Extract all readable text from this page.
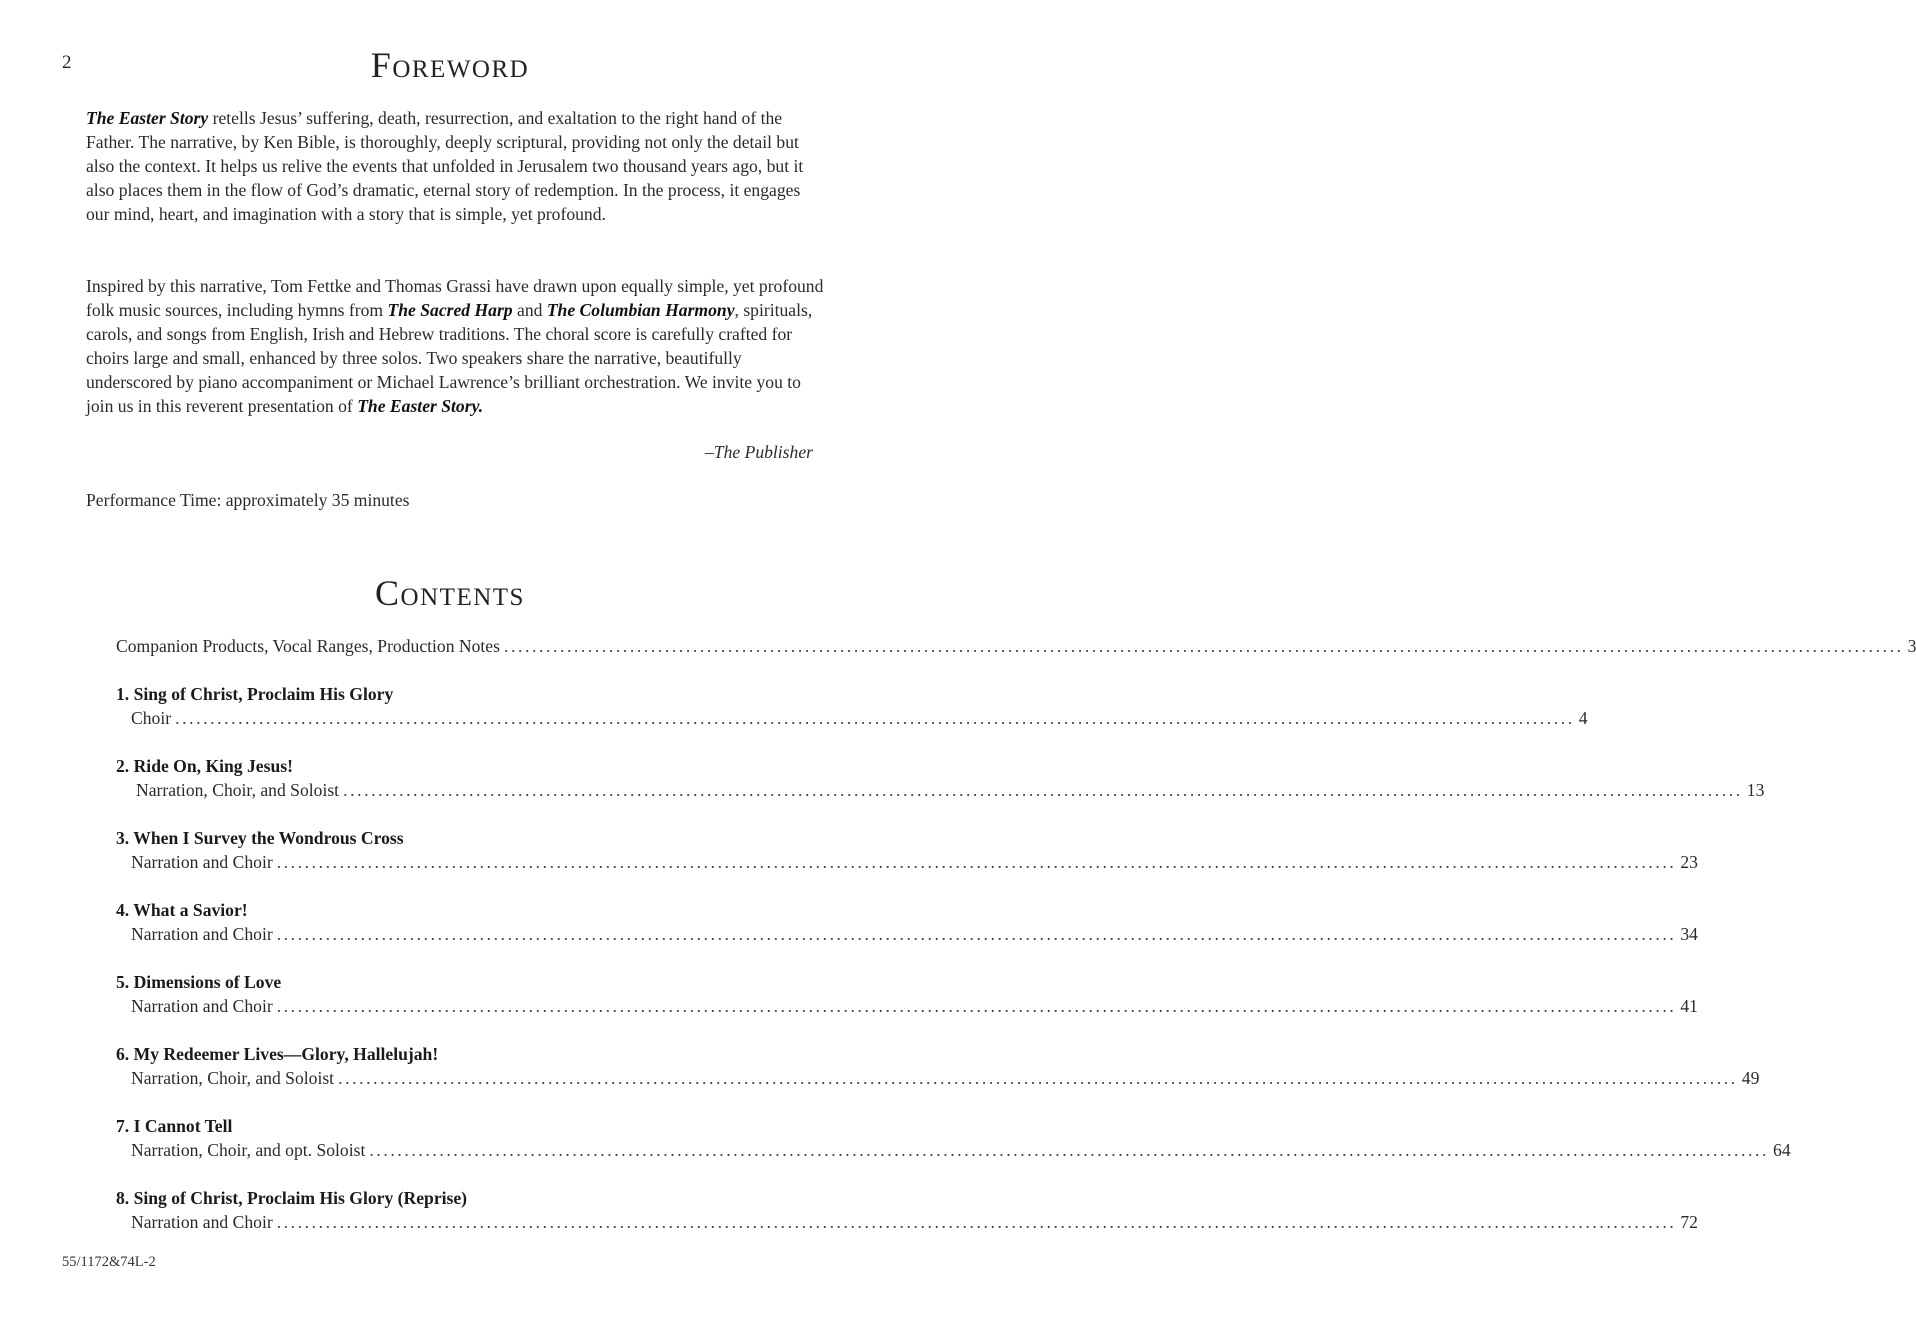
2	Foreword
The Easter Story retells Jesus’ suffering, death, resurrection, and exaltation to the right hand of the Father. The narrative, by Ken Bible, is thoroughly, deeply scriptural, providing not only the detail but also the context. It helps us relive the events that unfolded in Jerusalem two thousand years ago, but it also places them in the flow of God’s dramatic, eternal story of redemption. In the process, it engages our mind, heart, and imagination with a story that is simple, yet profound.
Inspired by this narrative, Tom Fettke and Thomas Grassi have drawn upon equally simple, yet profound folk music sources, including hymns from The Sacred Harp and The Columbian Harmony, spirituals, carols, and songs from English, Irish and Hebrew traditions. The choral score is carefully crafted for choirs large and small, enhanced by three solos. Two speakers share the narrative, beautifully underscored by piano accompaniment or Michael Lawrence’s brilliant orchestration. We invite you to join us in this reverent presentation of The Easter Story.
–The Publisher
Performance Time: approximately 35 minutes
Contents
Companion Products, Vocal Ranges, Production Notes ........................................................................................................................................................................................................ 3
1. Sing of Christ, Proclaim His Glory
Choir ........................................................................................................................................................................................................ 4
2. Ride On, King Jesus!
Narration, Choir, and Soloist ........................................................................................................................................................................................................ 13
3. When I Survey the Wondrous Cross
Narration and Choir ........................................................................................................................................................................................................ 23
4. What a Savior!
Narration and Choir ........................................................................................................................................................................................................ 34
5. Dimensions of Love
Narration and Choir ........................................................................................................................................................................................................ 41
6. My Redeemer Lives—Glory, Hallelujah!
Narration, Choir, and Soloist ........................................................................................................................................................................................................ 49
7. I Cannot Tell
Narration, Choir, and opt. Soloist ........................................................................................................................................................................................................ 64
8. Sing of Christ, Proclaim His Glory (Reprise)
Narration and Choir ........................................................................................................................................................................................................ 72
55/1172&74L-2
